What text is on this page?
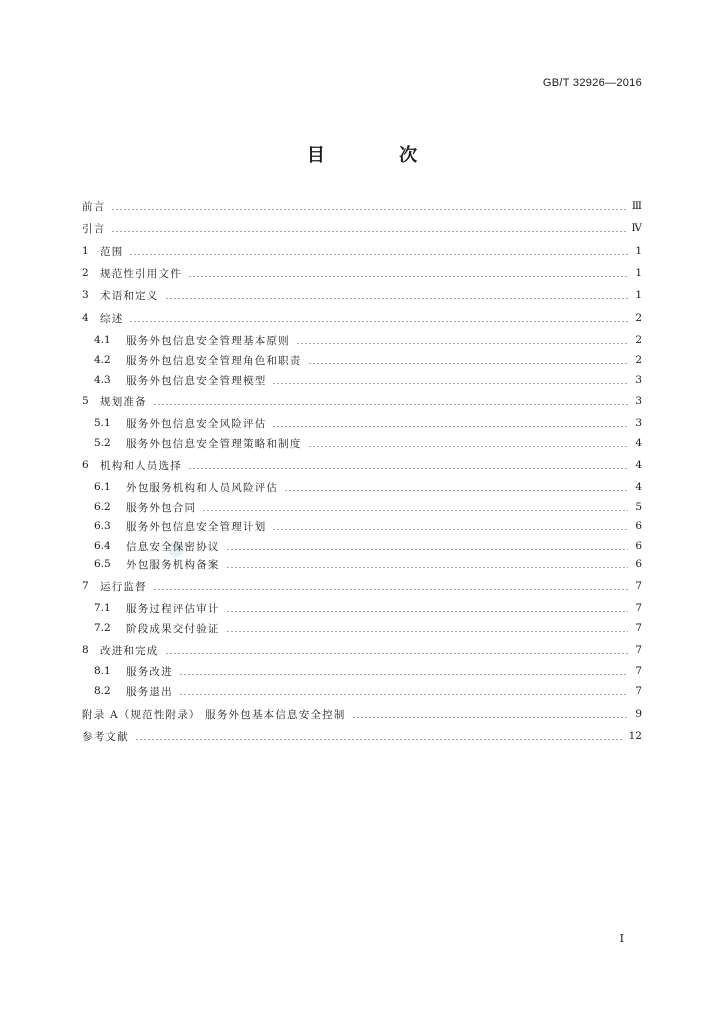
GB/T 32926—2016
目 次
前言	Ⅲ
引言	Ⅳ
1	范围	1
2	规范性引用文件	1
3	术语和定义	1
4	综述	2
4.1	服务外包信息安全管理基本原则	2
4.2	服务外包信息安全管理角色和职责	2
4.3	服务外包信息安全管理模型	3
5	规划准备	3
5.1	服务外包信息安全风险评估	3
5.2	服务外包信息安全管理策略和制度	4
6	机构和人员选择	4
6.1	外包服务机构和人员风险评估	4
6.2	服务外包合同	5
6.3	服务外包信息安全管理计划	6
6.4	信息安全保密协议	6
6.5	外包服务机构备案	6
7	运行监督	7
7.1	服务过程评估审计	7
7.2	阶段成果交付验证	7
8	改进和完成	7
8.1	服务改进	7
8.2	服务退出	7
附录 A（规范性附录） 服务外包基本信息安全控制	9
参考文献	12
I
